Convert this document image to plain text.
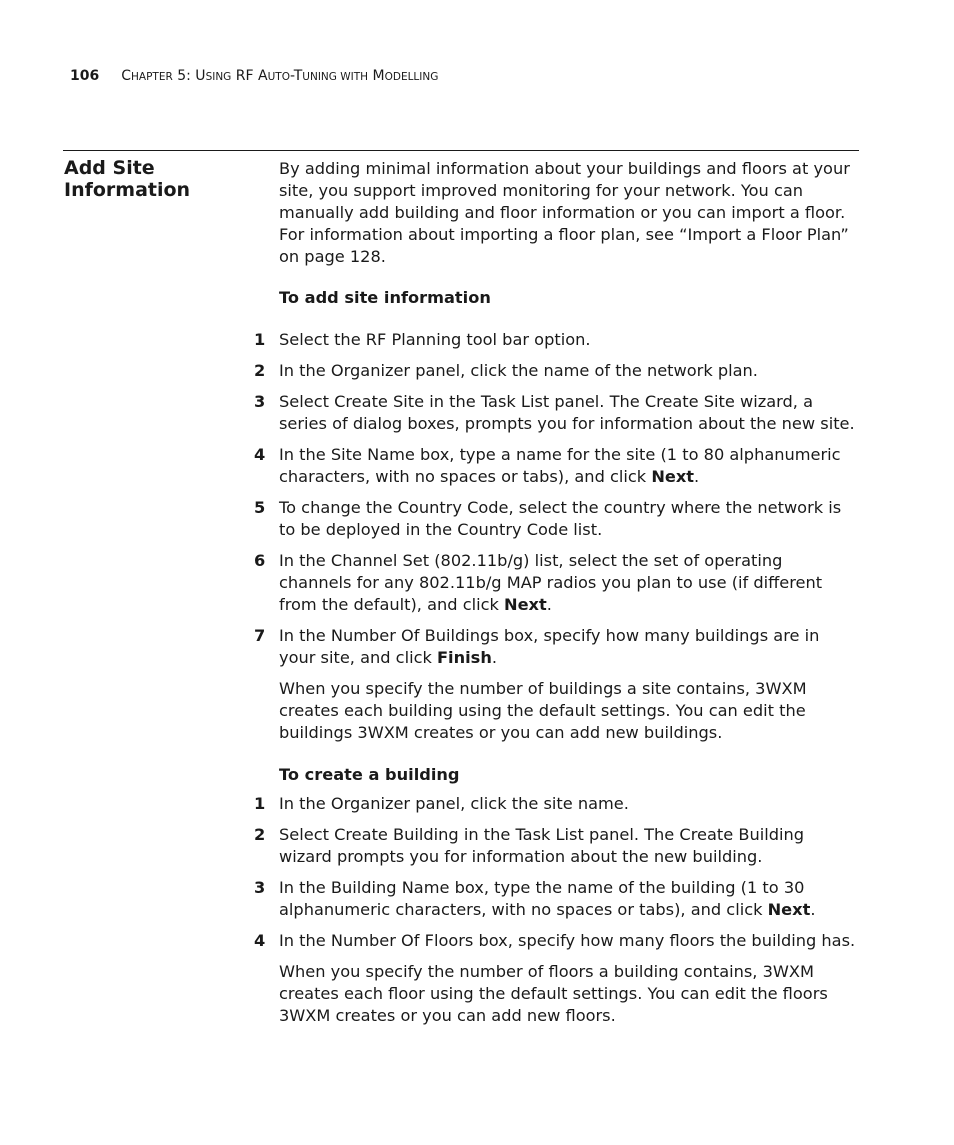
106 CHAPTER 5: USING RF AUTO-TUNING WITH MODELLING
Add Site Information
By adding minimal information about your buildings and floors at your site, you support improved monitoring for your network. You can manually add building and floor information or you can import a floor. For information about importing a floor plan, see “Import a Floor Plan” on page 128.
To add site information
1 Select the RF Planning tool bar option.
2 In the Organizer panel, click the name of the network plan.
3 Select Create Site in the Task List panel. The Create Site wizard, a series of dialog boxes, prompts you for information about the new site.
4 In the Site Name box, type a name for the site (1 to 80 alphanumeric characters, with no spaces or tabs), and click Next.
5 To change the Country Code, select the country where the network is to be deployed in the Country Code list.
6 In the Channel Set (802.11b/g) list, select the set of operating channels for any 802.11b/g MAP radios you plan to use (if different from the default), and click Next.
7 In the Number Of Buildings box, specify how many buildings are in your site, and click Finish.
When you specify the number of buildings a site contains, 3WXM creates each building using the default settings. You can edit the buildings 3WXM creates or you can add new buildings.
To create a building
1 In the Organizer panel, click the site name.
2 Select Create Building in the Task List panel. The Create Building wizard prompts you for information about the new building.
3 In the Building Name box, type the name of the building (1 to 30 alphanumeric characters, with no spaces or tabs), and click Next.
4 In the Number Of Floors box, specify how many floors the building has.
When you specify the number of floors a building contains, 3WXM creates each floor using the default settings. You can edit the floors 3WXM creates or you can add new floors.
